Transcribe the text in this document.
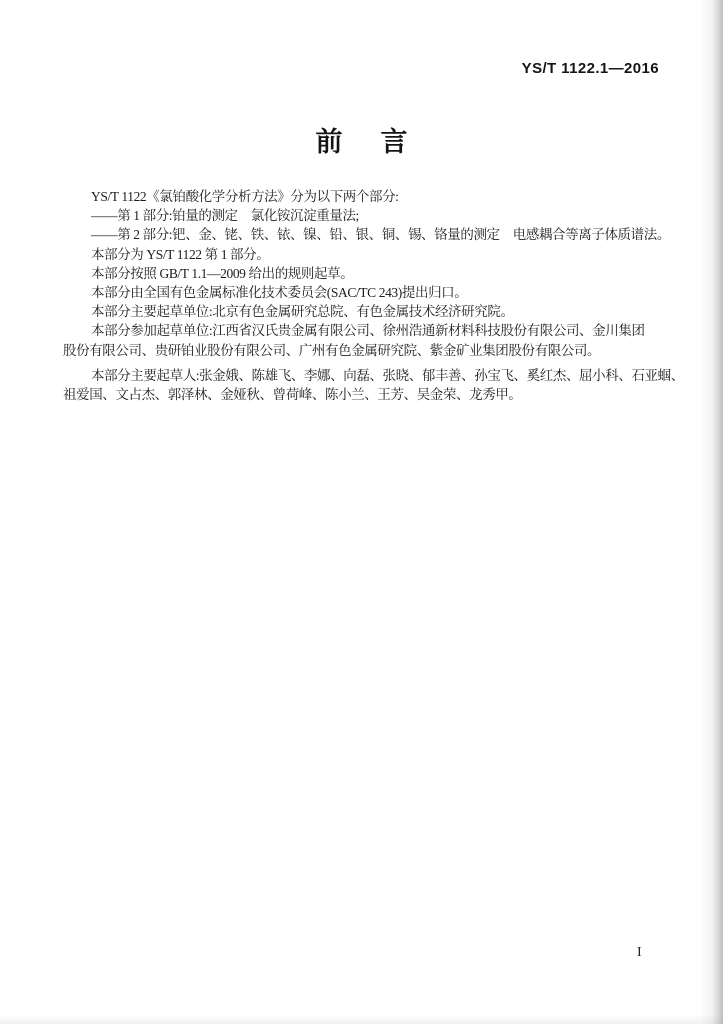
YS/T 1122.1—2016
前 言
YS/T 1122《氯铂酸化学分析方法》分为以下两个部分:
——第 1 部分:铂量的测定　氯化铵沉淀重量法;
——第 2 部分:钯、金、铑、铁、铱、镍、铅、银、铜、锡、铬量的测定　电感耦合等离子体质谱法。
本部分为 YS/T 1122 第 1 部分。
本部分按照 GB/T 1.1—2009 给出的规则起草。
本部分由全国有色金属标准化技术委员会(SAC/TC 243)提出归口。
本部分主要起草单位:北京有色金属研究总院、有色金属技术经济研究院。
本部分参加起草单位:江西省汉氏贵金属有限公司、徐州浩通新材料科技股份有限公司、金川集团
股份有限公司、贵研铂业股份有限公司、广州有色金属研究院、紫金矿业集团股份有限公司。
本部分主要起草人:张金娥、陈雄飞、李娜、向磊、张晓、郁丰善、孙宝飞、奚红杰、屈小科、石亚蝈、
祖爱国、文占杰、郭泽林、金娅秋、曾荷峰、陈小兰、王芳、吴金荣、龙秀甲。
I
